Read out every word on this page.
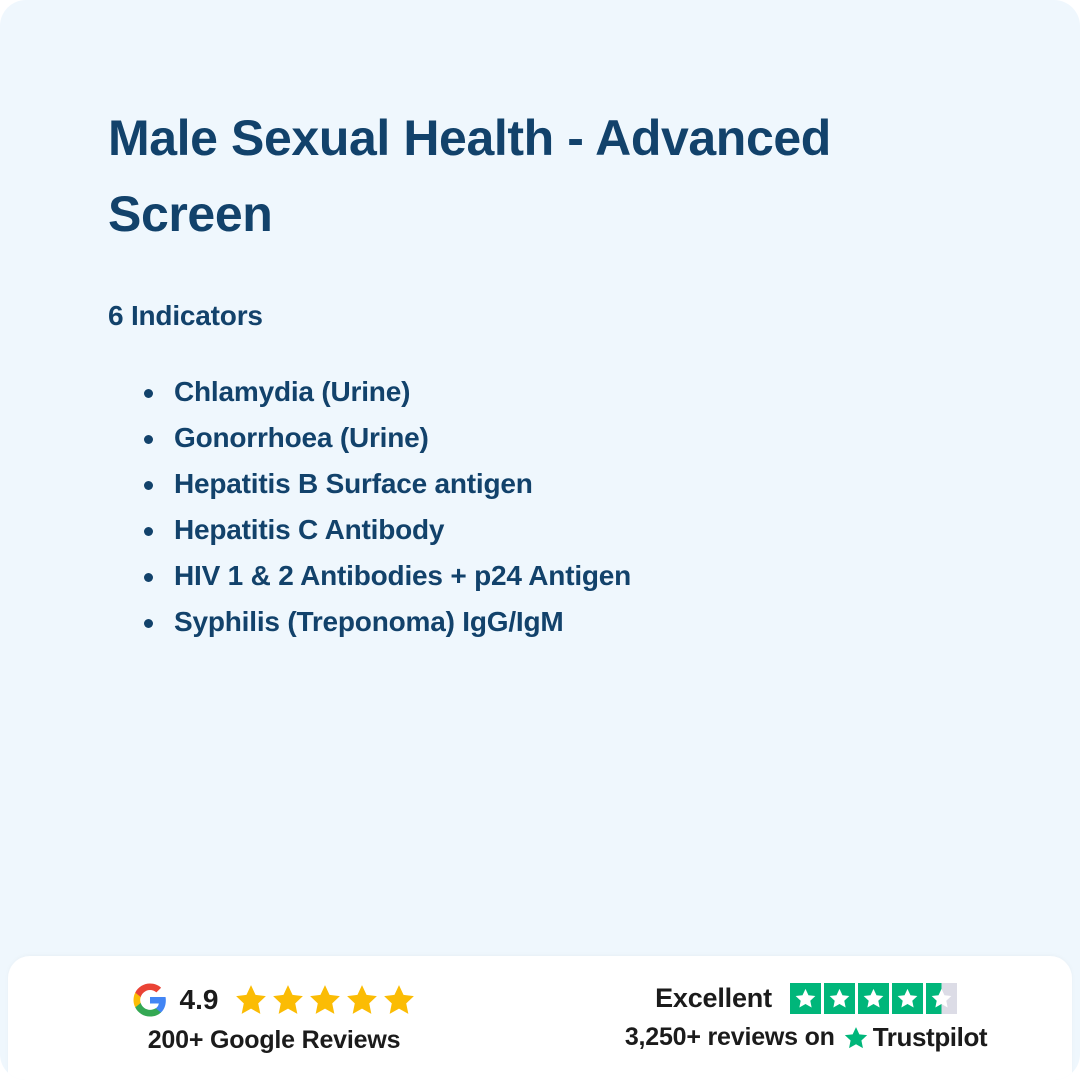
Male Sexual Health - Advanced Screen
6 Indicators
Chlamydia (Urine)
Gonorrhoea (Urine)
Hepatitis B Surface antigen
Hepatitis C Antibody
HIV 1 & 2 Antibodies + p24 Antigen
Syphilis (Treponoma) IgG/IgM
4.9
200+ Google Reviews
Excellent
3,250+ reviews on Trustpilot
